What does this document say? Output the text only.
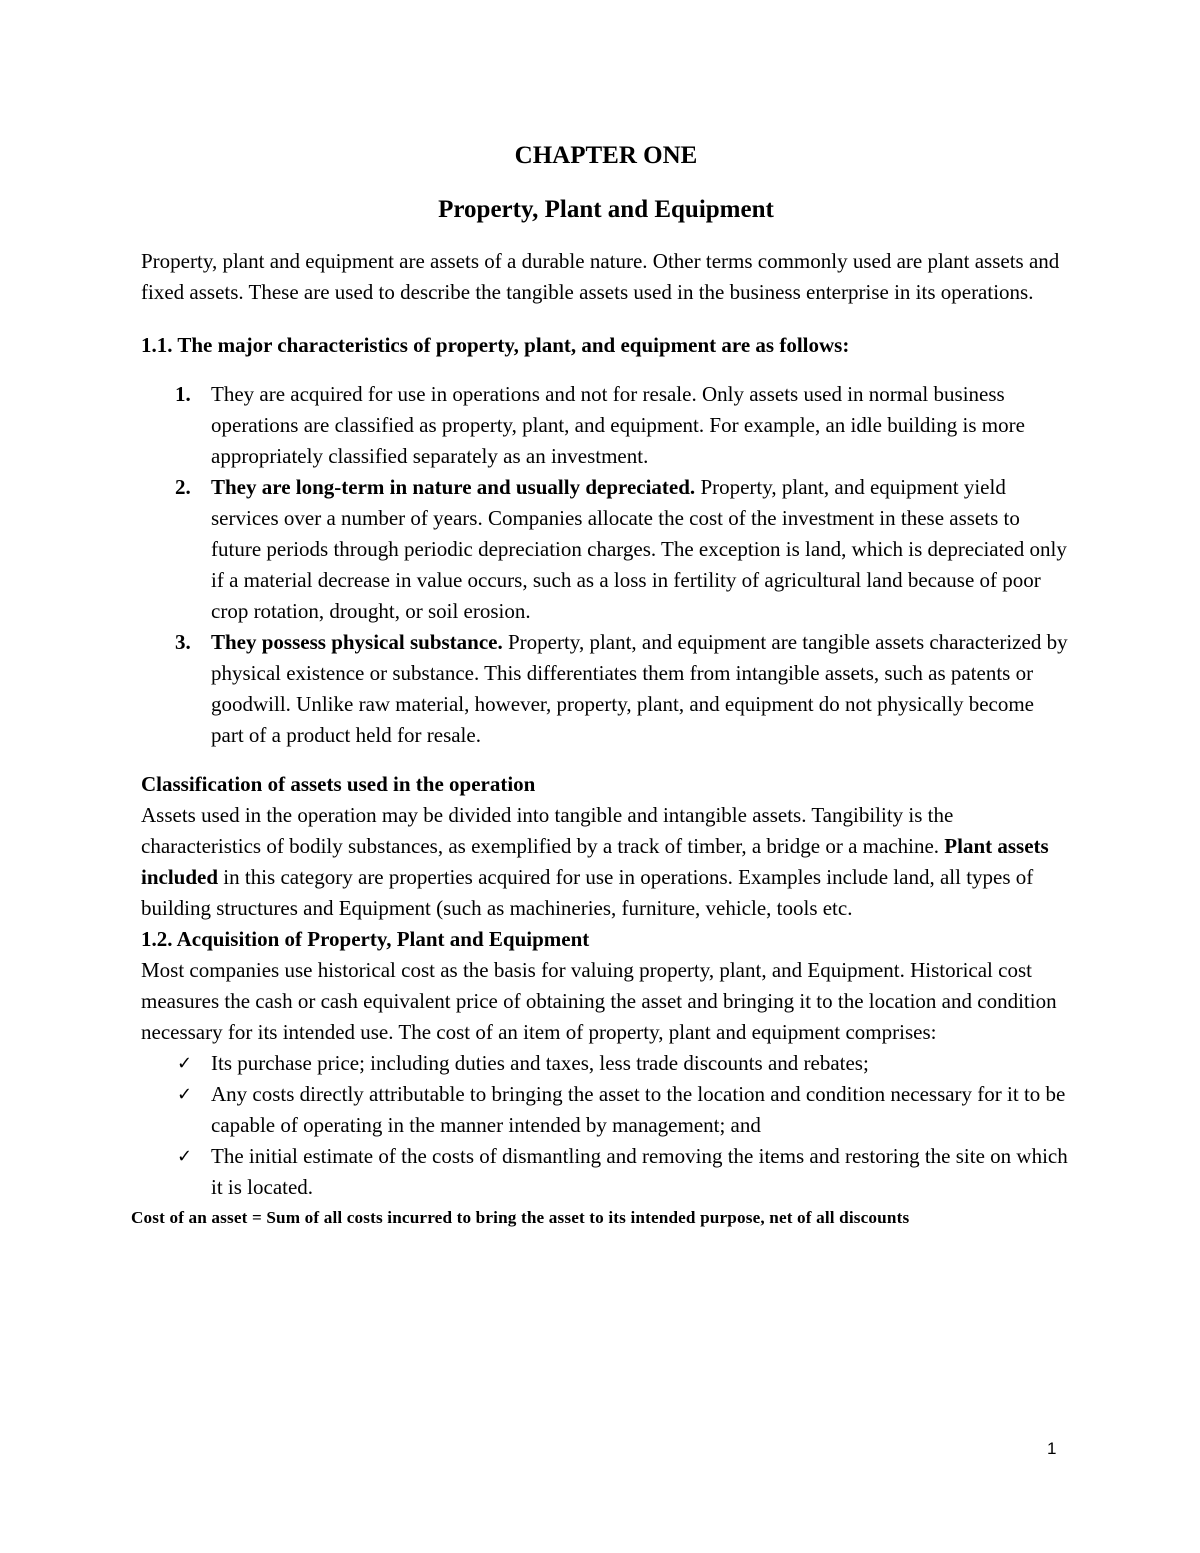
CHAPTER ONE
Property, Plant and Equipment

Property, plant and equipment are assets of a durable nature. Other terms commonly used are plant assets and fixed assets. These are used to describe the tangible assets used in the business enterprise in its operations.

1.1. The major characteristics of property, plant, and equipment are as follows:

1. They are acquired for use in operations and not for resale. Only assets used in normal business operations are classified as property, plant, and equipment. For example, an idle building is more appropriately classified separately as an investment.
2. They are long-term in nature and usually depreciated. Property, plant, and equipment yield services over a number of years. Companies allocate the cost of the investment in these assets to future periods through periodic depreciation charges. The exception is land, which is depreciated only if a material decrease in value occurs, such as a loss in fertility of agricultural land because of poor crop rotation, drought, or soil erosion.
3. They possess physical substance. Property, plant, and equipment are tangible assets characterized by physical existence or substance. This differentiates them from intangible assets, such as patents or goodwill. Unlike raw material, however, property, plant, and equipment do not physically become part of a product held for resale.

Classification of assets used in the operation

Assets used in the operation may be divided into tangible and intangible assets. Tangibility is the characteristics of bodily substances, as exemplified by a track of timber, a bridge or a machine. Plant assets included in this category are properties acquired for use in operations. Examples include land, all types of building structures and Equipment (such as machineries, furniture, vehicle, tools etc.

1.2. Acquisition of Property, Plant and Equipment

Most companies use historical cost as the basis for valuing property, plant, and Equipment. Historical cost measures the cash or cash equivalent price of obtaining the asset and bringing it to the location and condition necessary for its intended use. The cost of an item of property, plant and equipment comprises:

✓ Its purchase price; including duties and taxes, less trade discounts and rebates;
✓ Any costs directly attributable to bringing the asset to the location and condition necessary for it to be capable of operating in the manner intended by management; and
✓ The initial estimate of the costs of dismantling and removing the items and restoring the site on which it is located.

Cost of an asset = Sum of all costs incurred to bring the asset to its intended purpose, net of all discounts

1
